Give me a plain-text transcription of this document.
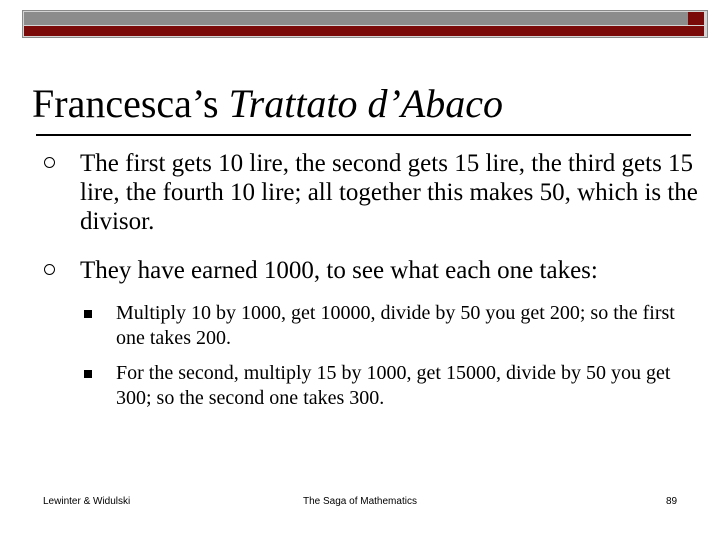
Francesca’s Trattato d’Abaco
The first gets 10 lire, the second gets 15 lire, the third gets 15 lire, the fourth 10 lire; all together this makes 50, which is the divisor.
They have earned 1000, to see what each one takes:
Multiply 10 by 1000, get 10000, divide by 50 you get 200; so the first one takes 200.
For the second, multiply 15 by 1000, get 15000, divide by 50 you get 300; so the second one takes 300.
Lewinter & Widulski	The Saga of Mathematics	89
